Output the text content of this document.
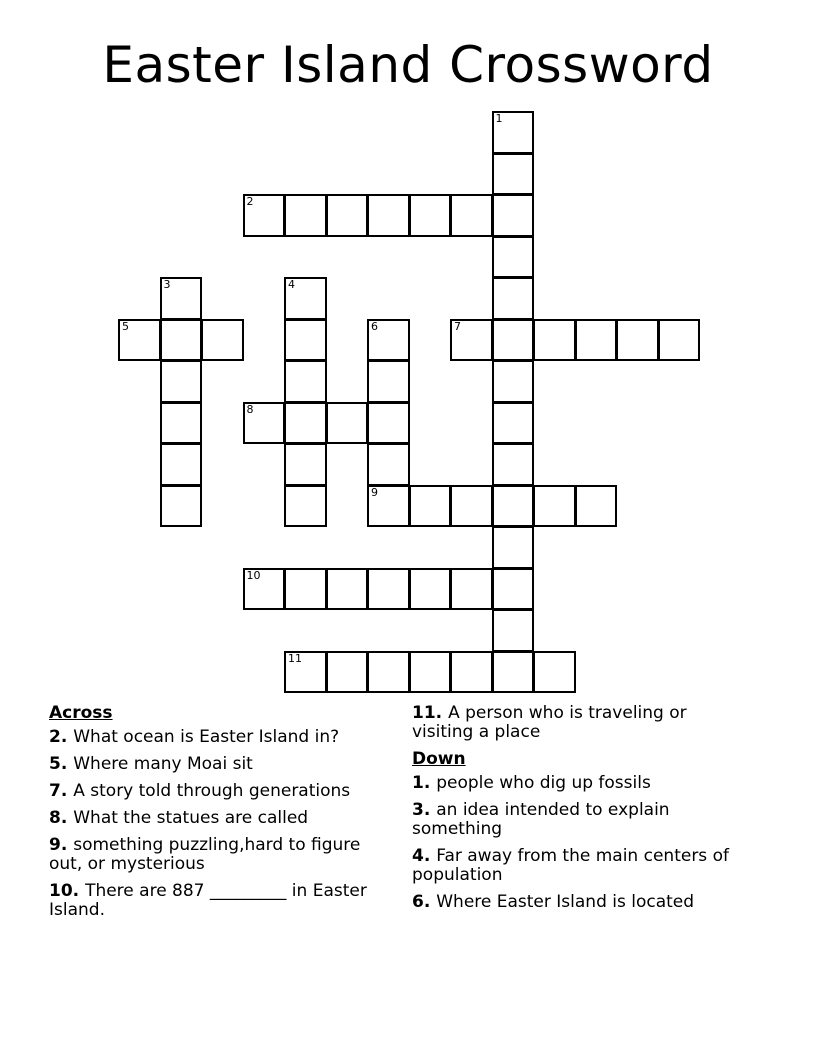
Easter Island Crossword
1
2
3	4
5	6
9
7
8
10
11
Across
2. What ocean is Easter Island in?
5. Where many Moai sit
7. A story told through generations
8. What the statues are called
9. something puzzling,hard to figure out, or mysterious
10. There are 887 _________ in Easter Island.
11. A person who is traveling or visiting a place
Down
1. people who dig up fossils
3. an idea intended to explain something
4. Far away from the main centers of population
6. Where Easter Island is located
